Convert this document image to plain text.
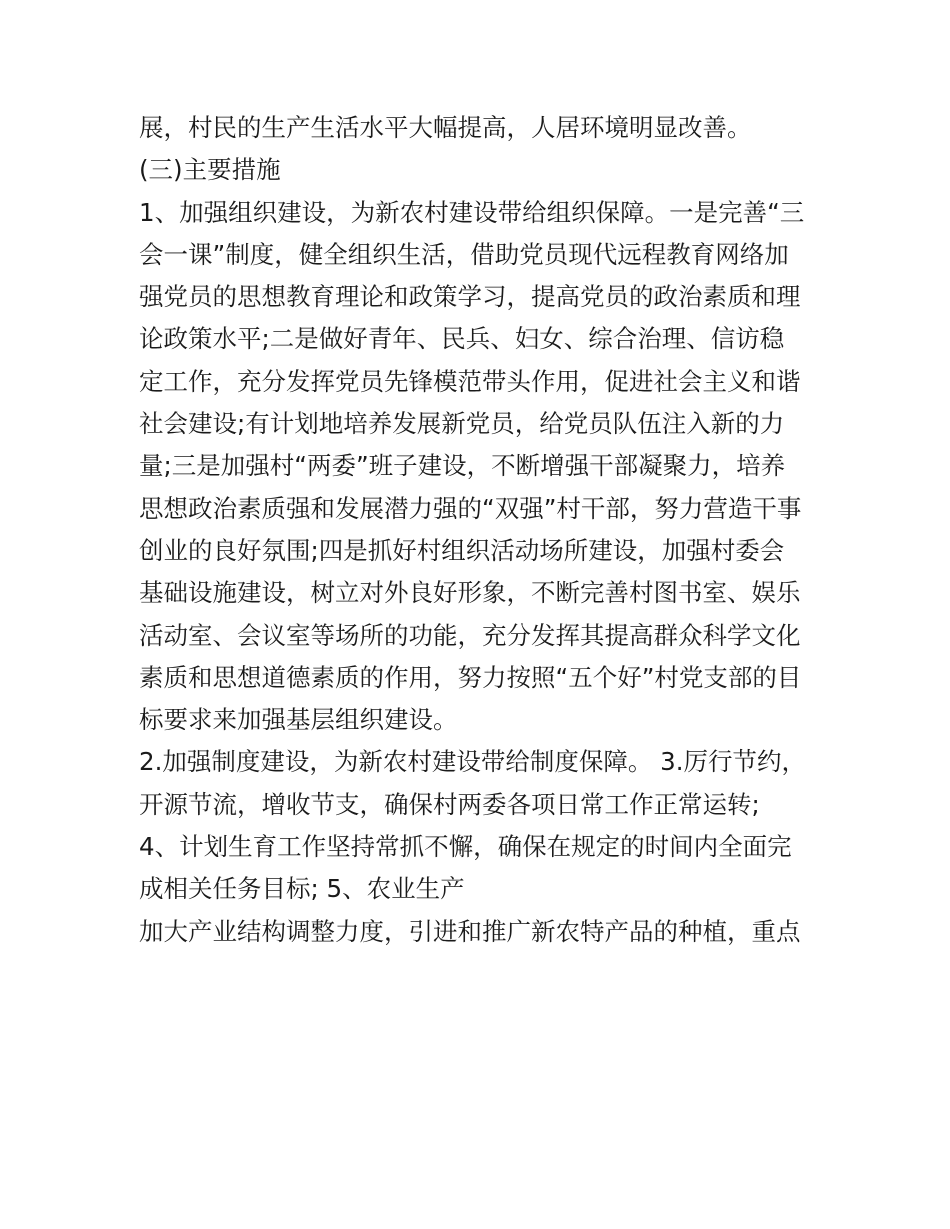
展，村民的生产生活水平大幅提高，人居环境明显改善。
(三)主要措施
1、加强组织建设，为新农村建设带给组织保障。一是完善“三
会一课”制度，健全组织生活，借助党员现代远程教育网络加
强党员的思想教育理论和政策学习，提高党员的政治素质和理
论政策水平;二是做好青年、民兵、妇女、综合治理、信访稳
定工作，充分发挥党员先锋模范带头作用，促进社会主义和谐
社会建设;有计划地培养发展新党员，给党员队伍注入新的力
量;三是加强村“两委”班子建设，不断增强干部凝聚力，培养
思想政治素质强和发展潜力强的“双强”村干部，努力营造干事
创业的良好氛围;四是抓好村组织活动场所建设，加强村委会
基础设施建设，树立对外良好形象，不断完善村图书室、娱乐
活动室、会议室等场所的功能，充分发挥其提高群众科学文化
素质和思想道德素质的作用，努力按照“五个好”村党支部的目
标要求来加强基层组织建设。
2.加强制度建设，为新农村建设带给制度保障。 3.厉行节约，
开源节流，增收节支，确保村两委各项日常工作正常运转;
4、计划生育工作坚持常抓不懈，确保在规定的时间内全面完
成相关任务目标; 5、农业生产
加大产业结构调整力度，引进和推广新农特产品的种植，重点
